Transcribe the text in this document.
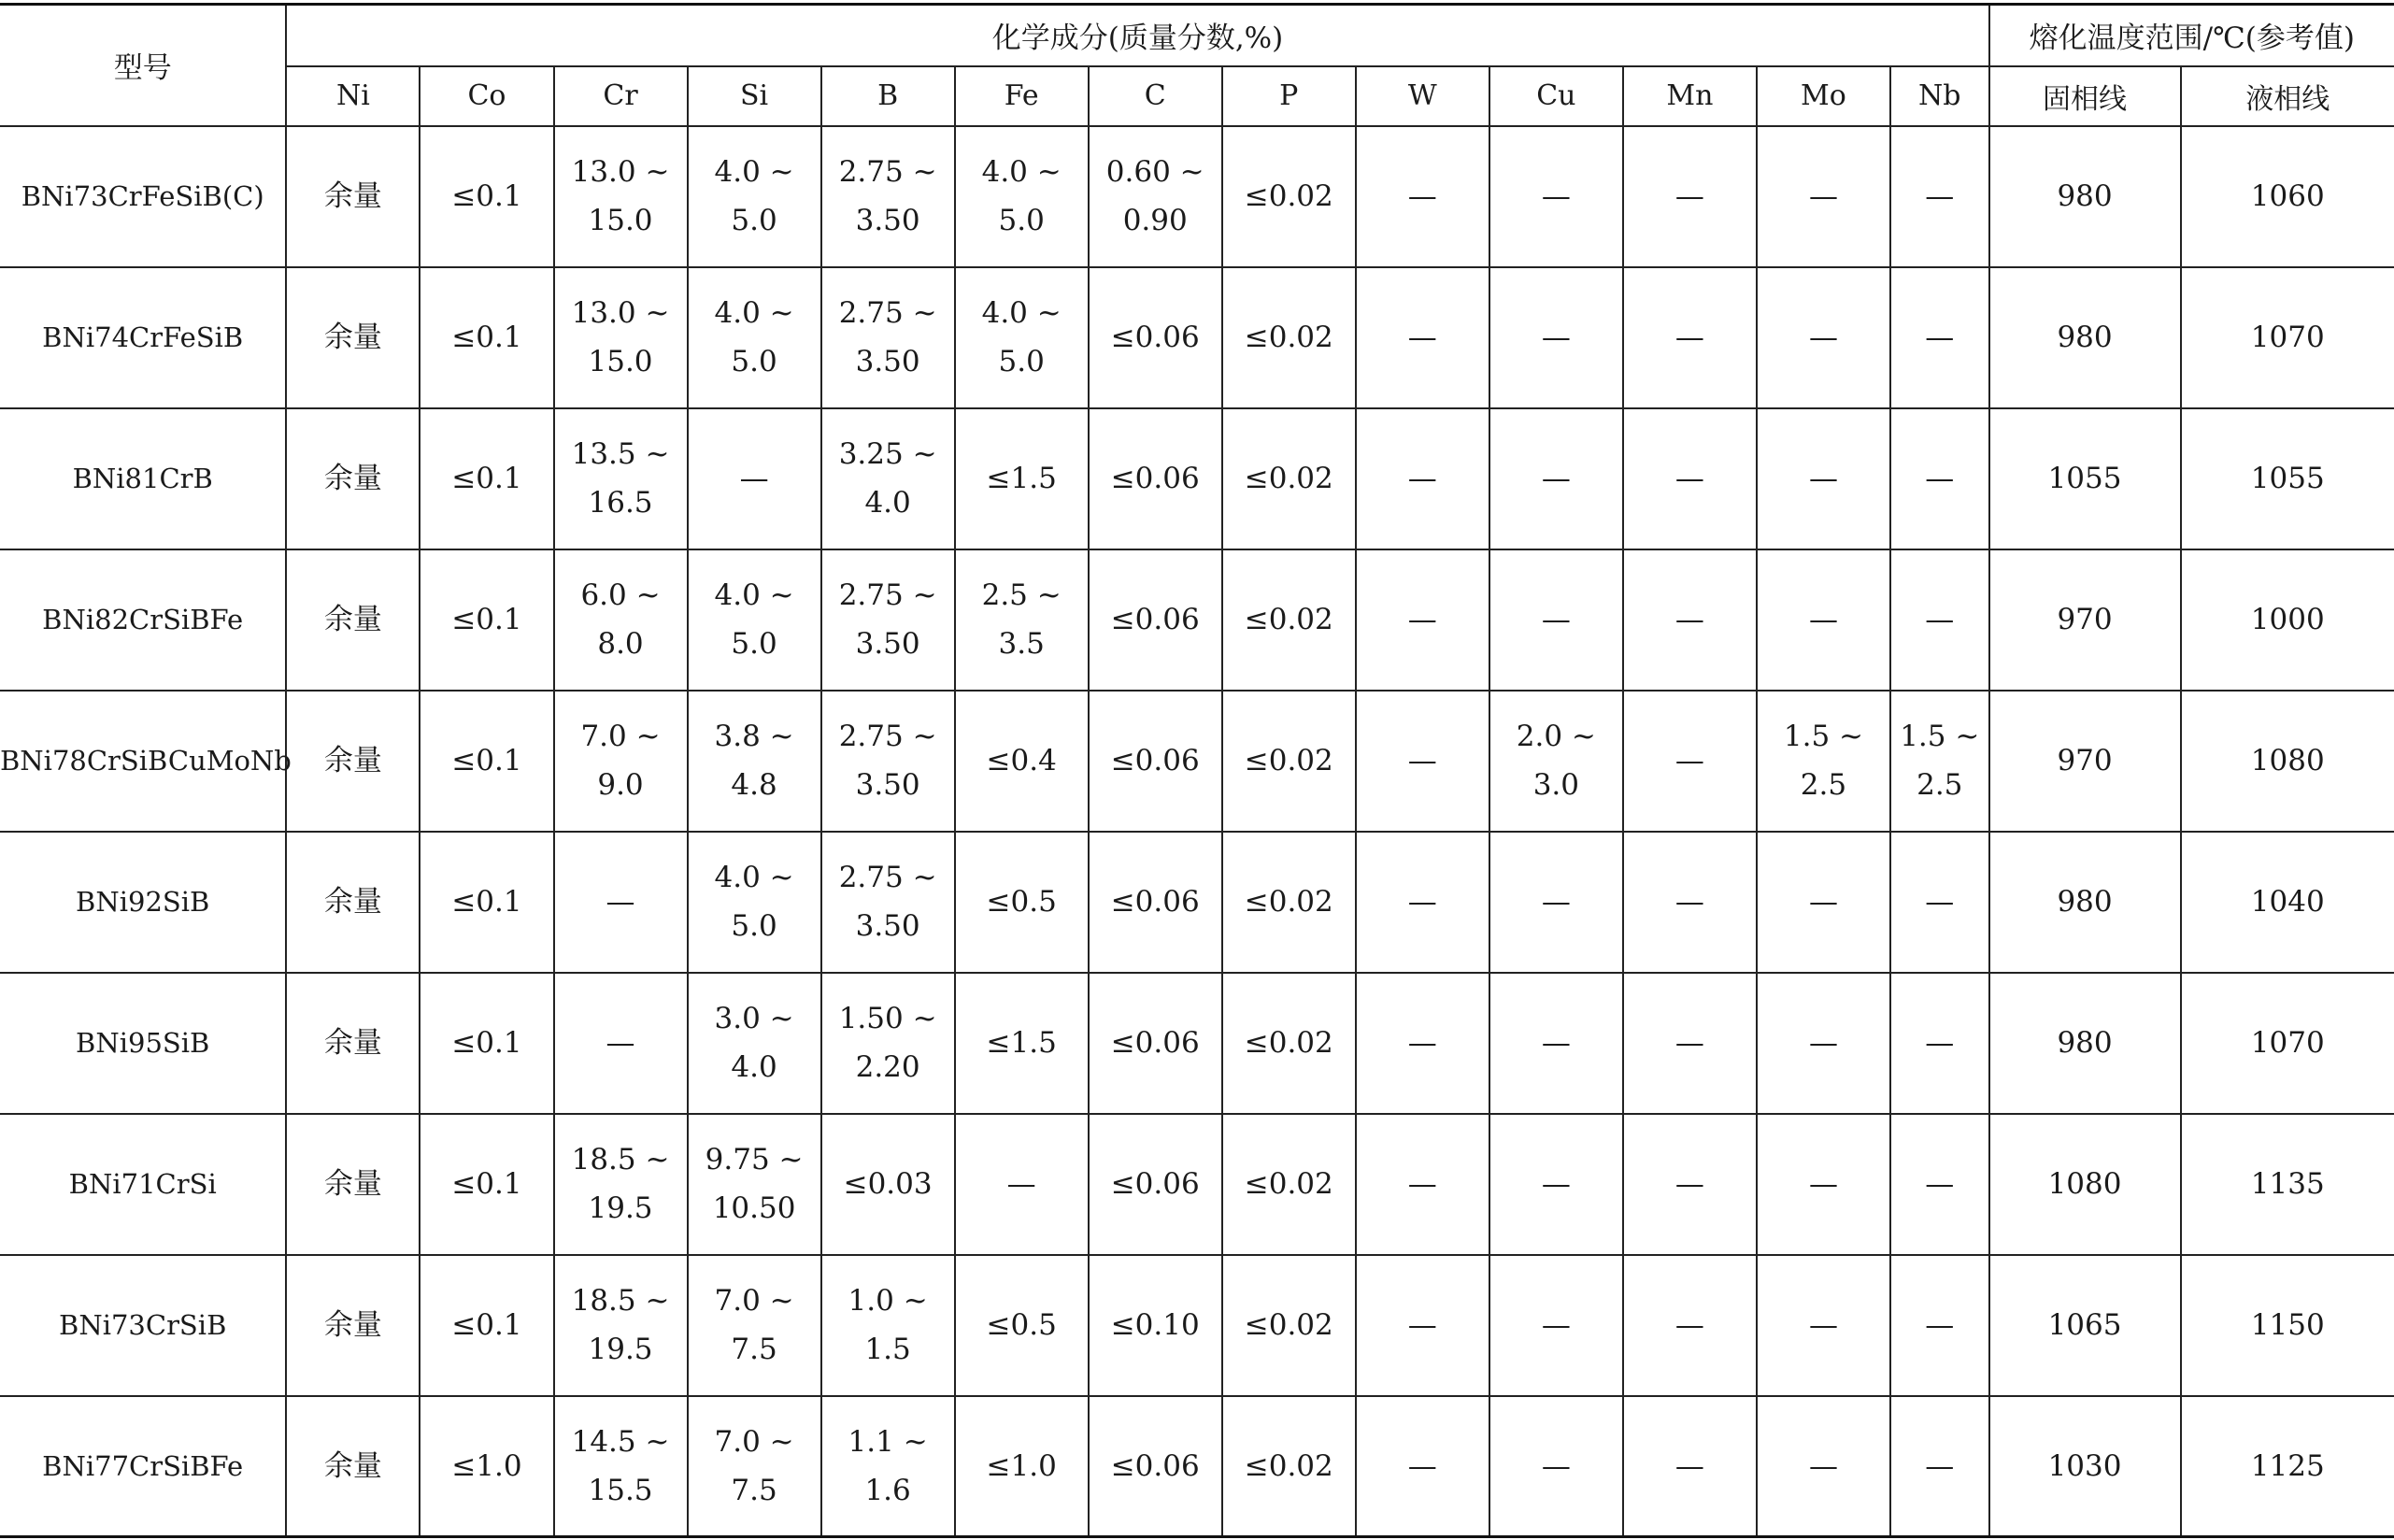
型号	化学成分(质量分数,%)													熔化温度范围/℃(参考值)	
	Ni	Co	Cr	Si	B	Fe	C	P	W	Cu	Mn	Mo	Nb	固相线	液相线
BNi73CrFeSiB(C)	余量	≤0.1	13.0 ~
15.0	4.0 ~
5.0	2.75 ~
3.50	4.0 ~
5.0	0.60 ~
0.90	≤0.02	—	—	—	—	—	980	1060
BNi74CrFeSiB	余量	≤0.1	13.0 ~
15.0	4.0 ~
5.0	2.75 ~
3.50	4.0 ~
5.0	≤0.06	≤0.02	—	—	—	—	—	980	1070
BNi81CrB	余量	≤0.1	13.5 ~
16.5	—	3.25 ~
4.0	≤1.5	≤0.06	≤0.02	—	—	—	—	—	1055	1055
BNi82CrSiBFe	余量	≤0.1	6.0 ~
8.0	4.0 ~
5.0	2.75 ~
3.50	2.5 ~
3.5	≤0.06	≤0.02	—	—	—	—	—	970	1000
BNi78CrSiBCuMoNb	余量	≤0.1	7.0 ~
9.0	3.8 ~
4.8	2.75 ~
3.50	≤0.4	≤0.06	≤0.02	—	2.0 ~
3.0	—	1.5 ~
2.5	1.5 ~
2.5	970	1080
BNi92SiB	余量	≤0.1	—	4.0 ~
5.0	2.75 ~
3.50	≤0.5	≤0.06	≤0.02	—	—	—	—	—	980	1040
BNi95SiB	余量	≤0.1	—	3.0 ~
4.0	1.50 ~
2.20	≤1.5	≤0.06	≤0.02	—	—	—	—	—	980	1070
BNi71CrSi	余量	≤0.1	18.5 ~
19.5	9.75 ~
10.50	≤0.03	—	≤0.06	≤0.02	—	—	—	—	—	1080	1135
BNi73CrSiB	余量	≤0.1	18.5 ~
19.5	7.0 ~
7.5	1.0 ~
1.5	≤0.5	≤0.10	≤0.02	—	—	—	—	—	1065	1150
BNi77CrSiBFe	余量	≤1.0	14.5 ~
15.5	7.0 ~
7.5	1.1 ~
1.6	≤1.0	≤0.06	≤0.02	—	—	—	—	—	1030	1125
